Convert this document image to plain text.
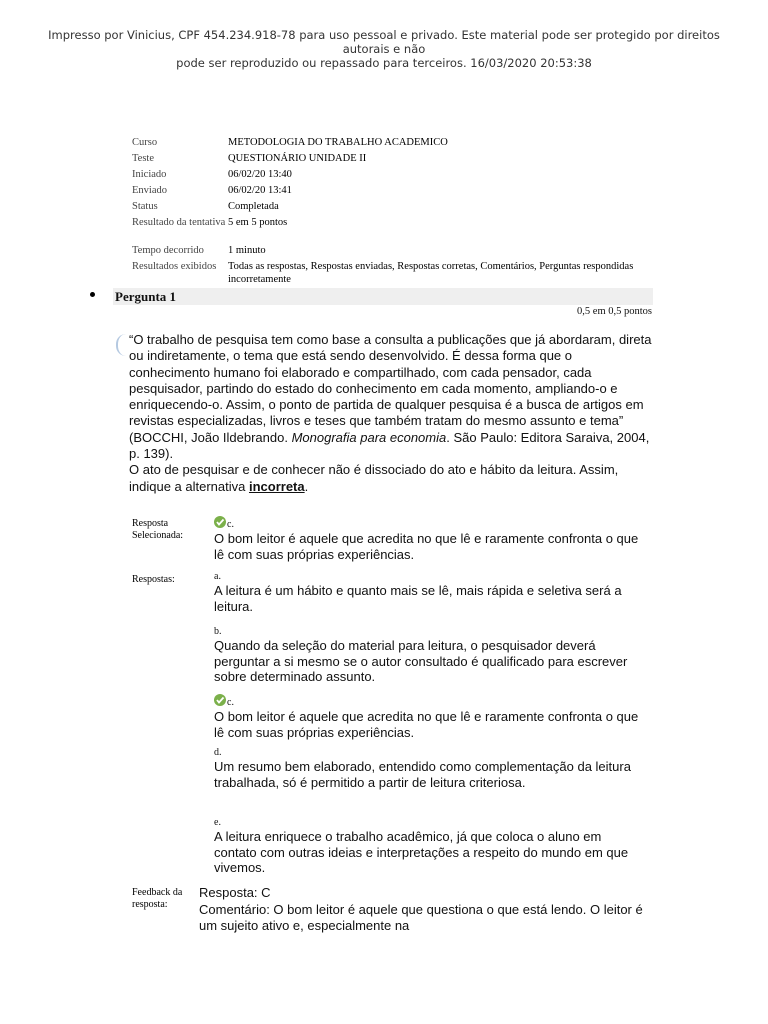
Impresso por Vinicius, CPF 454.234.918-78 para uso pessoal e privado. Este material pode ser protegido por direitos autorais e não
pode ser reproduzido ou repassado para terceiros. 16/03/2020 20:53:38
Curso	METODOLOGIA DO TRABALHO ACADEMICO
Teste	QUESTIONÁRIO UNIDADE II
Iniciado	06/02/20 13:40
Enviado	06/02/20 13:41
Status	Completada
Resultado da tentativa	5 em 5 pontos
Tempo decorrido	1 minuto
Resultados exibidos	Todas as respostas, Respostas enviadas, Respostas corretas, Comentários, Perguntas respondidas incorretamente
Pergunta 1
0,5 em 0,5 pontos

“O trabalho de pesquisa tem como base a consulta a publicações que já abordaram, direta ou indiretamente, o tema que está sendo desenvolvido. É dessa forma que o conhecimento humano foi elaborado e compartilhado, com cada pensador, cada pesquisador, partindo do estado do conhecimento em cada momento, ampliando-o e enriquecendo-o. Assim, o ponto de partida de qualquer pesquisa é a busca de artigos em revistas especializadas, livros e teses que também tratam do mesmo assunto e tema” (BOCCHI, João Ildebrando. Monografia para economia. São Paulo: Editora Saraiva, 2004, p. 139).

O ato de pesquisar e de conhecer não é dissociado do ato e hábito da leitura. Assim, indique a alternativa incorreta.

Resposta Selecionada:
c.
O bom leitor é aquele que acredita no que lê e raramente confronta o que lê com suas próprias experiências.
Respostas:	a.
A leitura é um hábito e quanto mais se lê, mais rápida e seletiva será a leitura.
b.
Quando da seleção do material para leitura, o pesquisador deverá perguntar a si mesmo se o autor consultado é qualificado para escrever sobre determinado assunto.
c.
O bom leitor é aquele que acredita no que lê e raramente confronta o que lê com suas próprias experiências.
d.
Um resumo bem elaborado, entendido como complementação da leitura trabalhada, só é permitido a partir de leitura criteriosa.
e.
A leitura enriquece o trabalho acadêmico, já que coloca o aluno em contato com outras ideias e interpretações a respeito do mundo em que vivemos.
Feedback da resposta:
Resposta: C
Comentário: O bom leitor é aquele que questiona o que está lendo. O leitor é um sujeito ativo e, especialmente na
